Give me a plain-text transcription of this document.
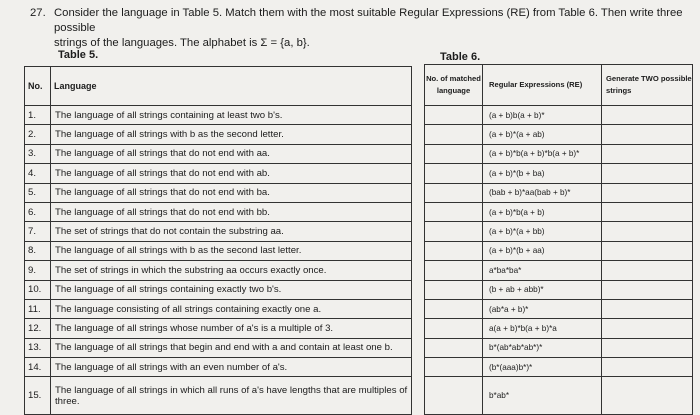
27. Consider the language in Table 5. Match them with the most suitable Regular Expressions (RE) from Table 6. Then write three possible

strings of the languages. The alphabet is Σ = {a, b}.

Table 5.	Table 6.
No.	Language
1.	The language of all strings containing at least two b's.
2.	The language of all strings with b as the second letter.
3.	The language of all strings that do not end with aa.
4.	The language of all strings that do not end with ab.
5.	The language of all strings that do not end with ba.
6.	The language of all strings that do not end with bb.
7.	The set of strings that do not contain the substring aa.
8.	The language of all strings with b as the second last letter.
9.	The set of strings in which the substring aa occurs exactly once.
10.	The language of all strings containing exactly two b's.
11.	The language consisting of all strings containing exactly one a.
12.	The language of all strings whose number of a's is a multiple of 3.
13.	The language of all strings that begin and end with a and contain at least one b.
14.	The language of all strings with an even number of a's.
15.	The language of all strings in which all runs of a's have lengths that are multiples of three.
No. of matched language	Regular Expressions (RE)	Generate TWO possible strings
	(a + b)b(a + b)*	
	(a + b)*(a + ab)	
	(a + b)*b(a + b)*b(a + b)*	
	(a + b)*(b + ba)	
	(bab + b)*aa(bab + b)*	
	(a + b)*b(a + b)	
	(a + b)*(a + bb)	
	(a + b)*(b + aa)	
	a*ba*ba*	
	(b + ab + abb)*	
	(ab*a + b)*	
	a(a + b)*b(a + b)*a	
	b*(ab*ab*ab*)*	
	(b*(aaa)b*)*	
	b*ab*	
